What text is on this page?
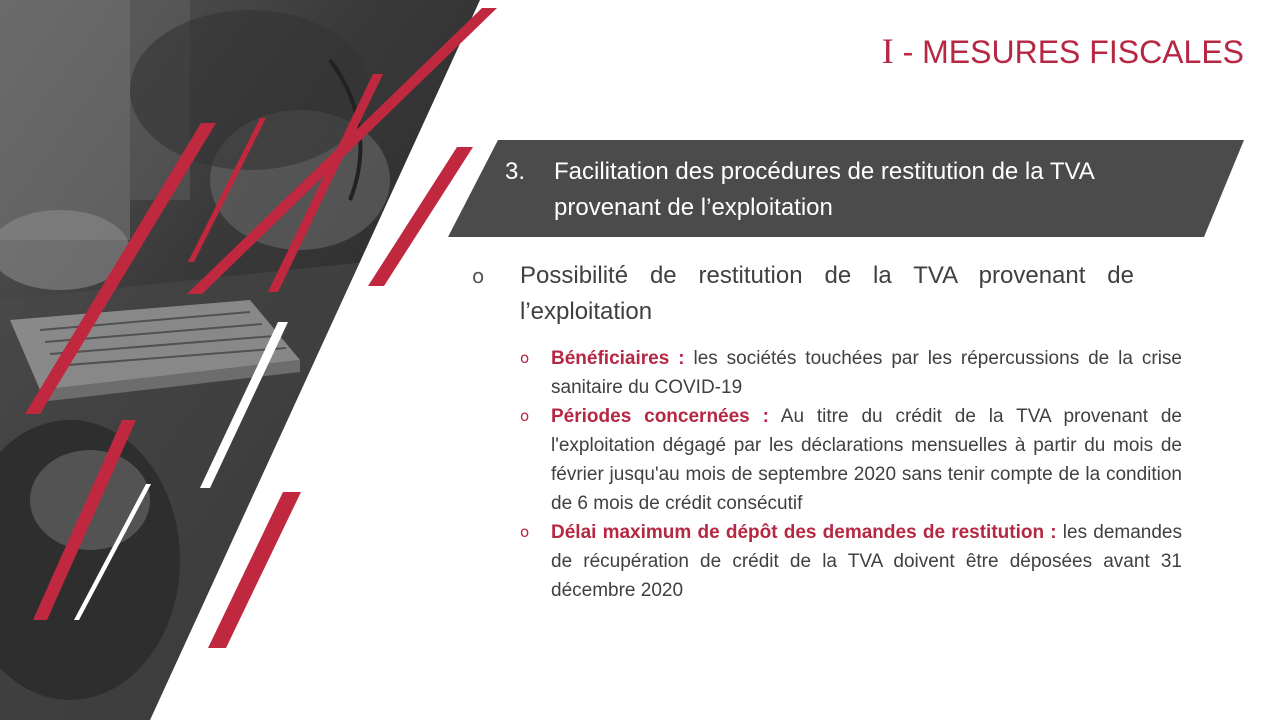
I - MESURES FISCALES
3. Facilitation des procédures de restitution de la TVA provenant de l’exploitation
o Possibilité de restitution de la TVA provenant de l’exploitation
o Bénéficiaires : les sociétés touchées par les répercussions de la crise sanitaire du COVID-19
o Périodes concernées : Au titre du crédit de la TVA provenant de l'exploitation dégagé par les déclarations mensuelles à partir du mois de février jusqu'au mois de septembre 2020 sans tenir compte de la condition de 6 mois de crédit consécutif
o Délai maximum de dépôt des demandes de restitution : les demandes de récupération de crédit de la TVA doivent être déposées avant 31 décembre 2020
